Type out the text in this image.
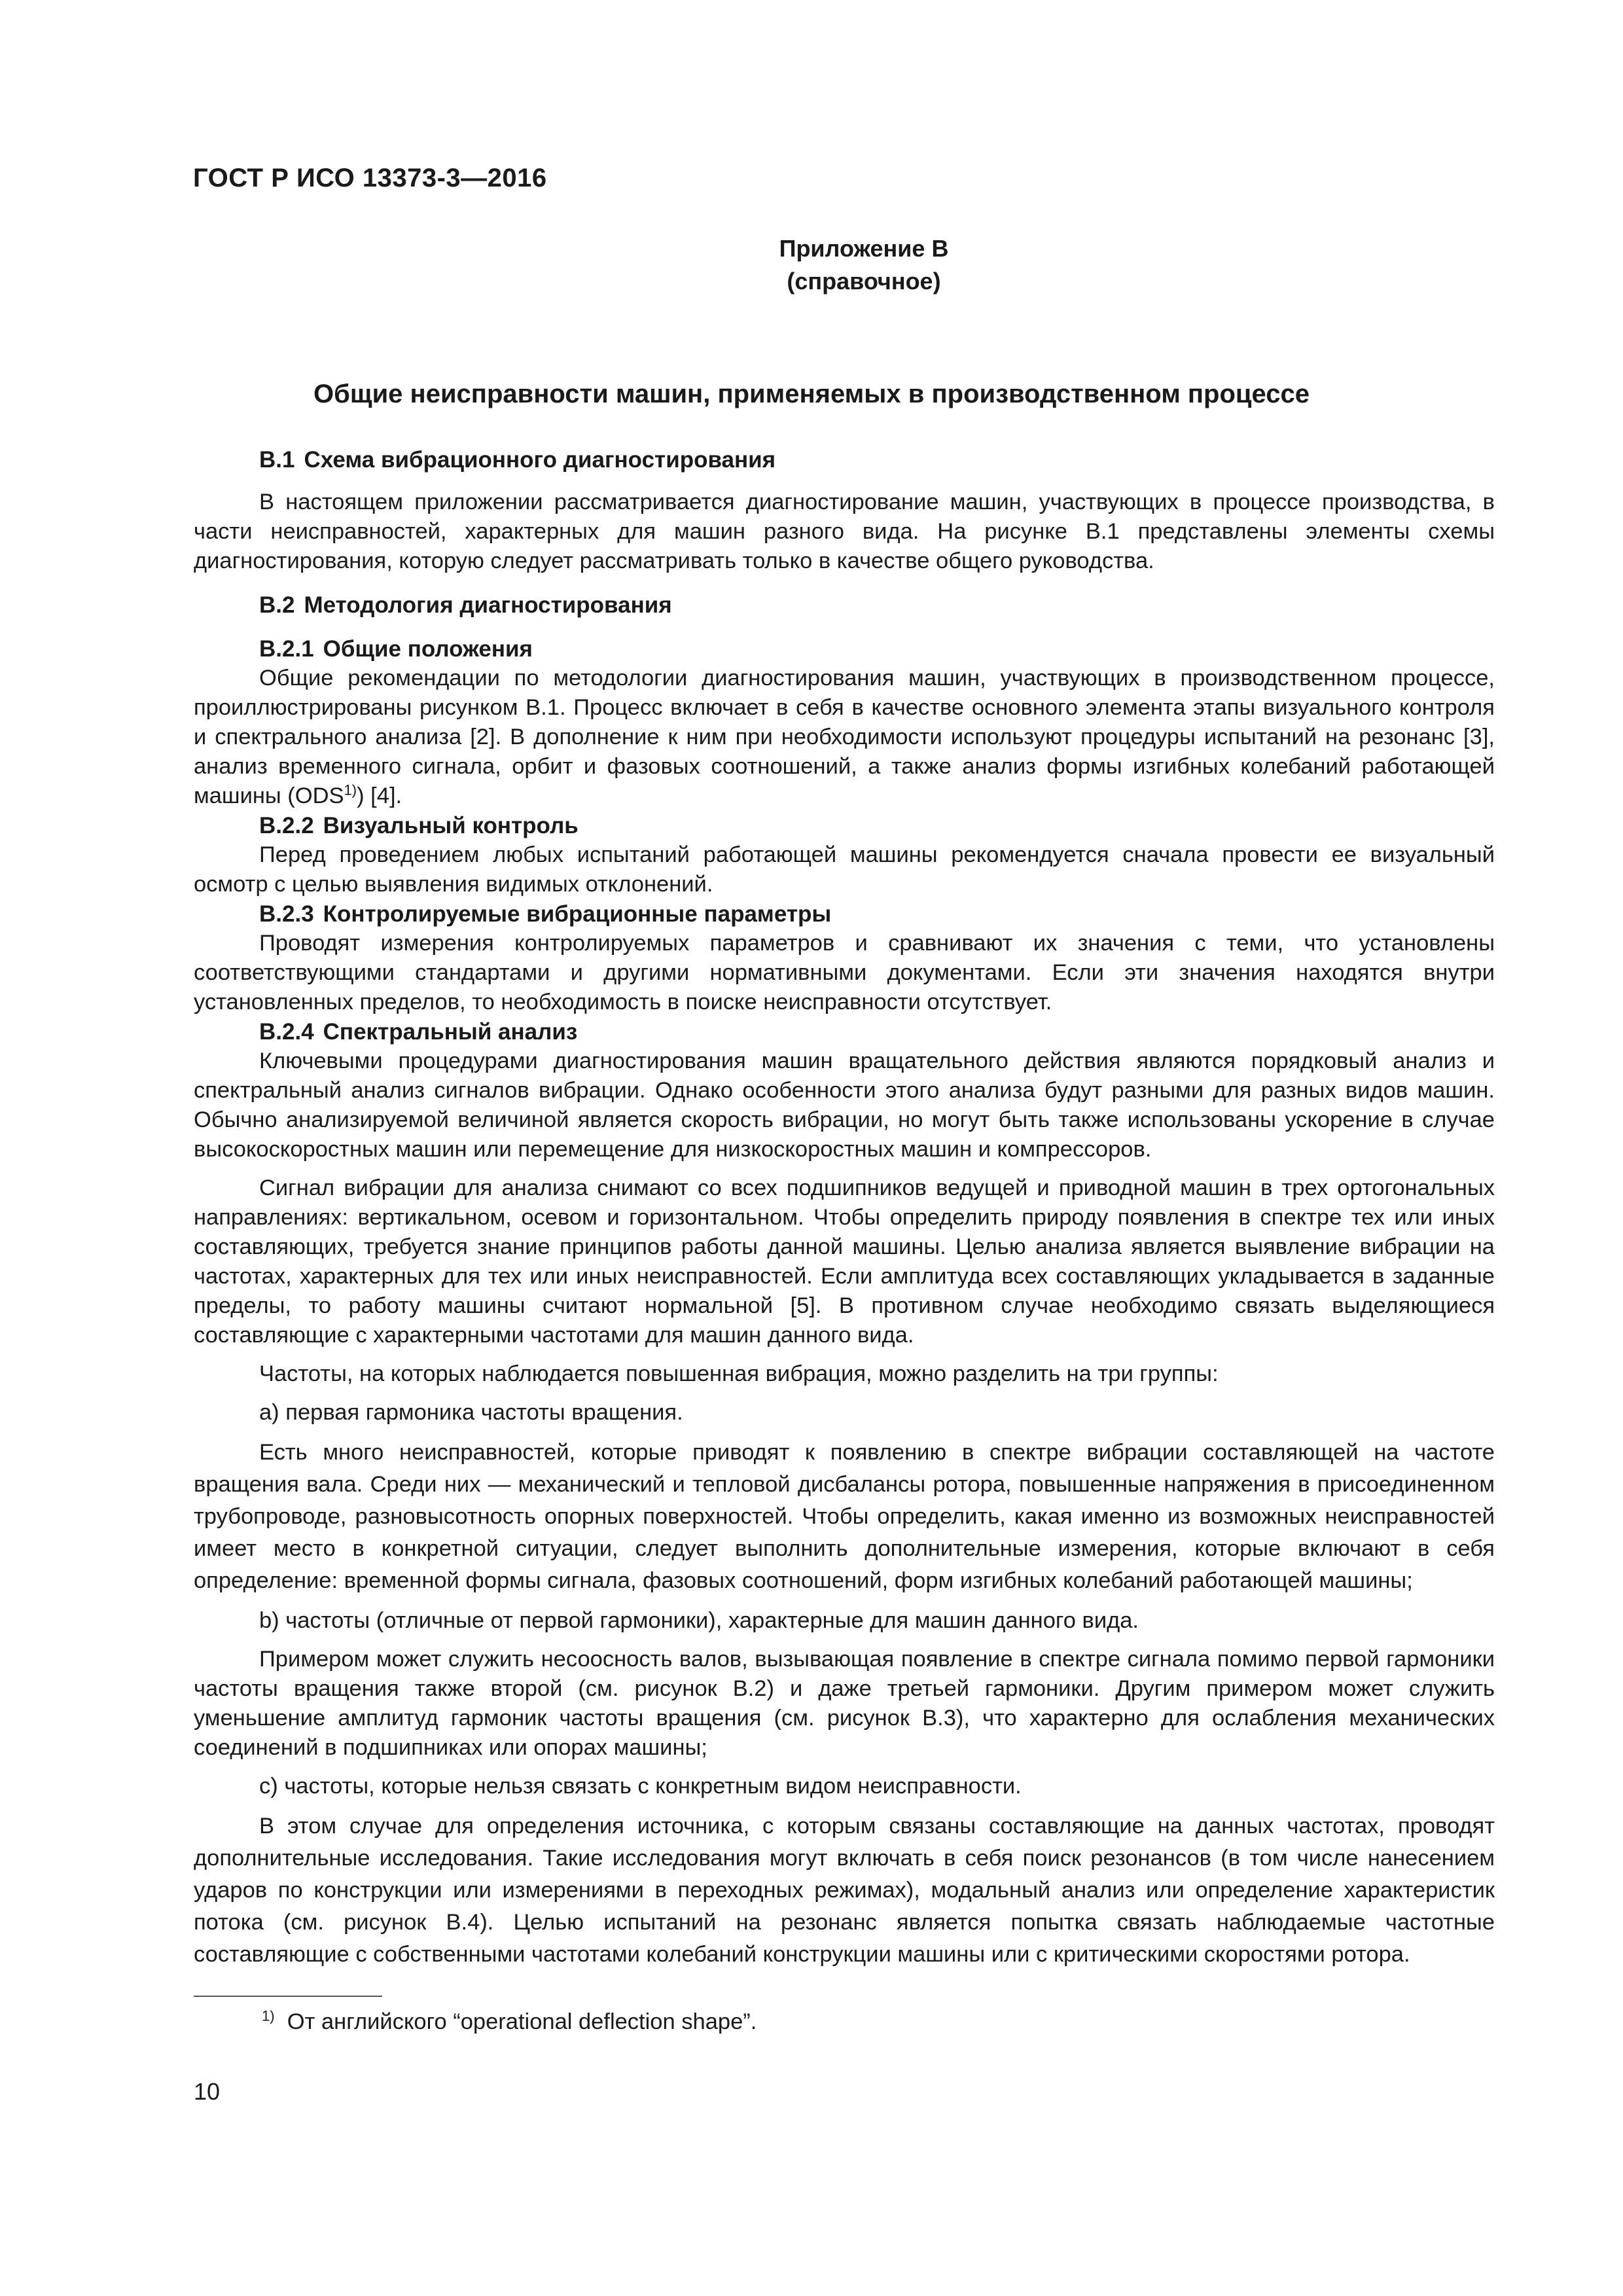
ГОСТ Р ИСО 13373-3—2016
Приложение В
(справочное)
Общие неисправности машин, применяемых в производственном процессе
В.1 Схема вибрационного диагностирования

В настоящем приложении рассматривается диагностирование машин, участвующих в процессе производства, в части неисправностей, характерных для машин разного вида. На рисунке В.1 представлены элементы схемы диагностирования, которую следует рассматривать только в качестве общего руководства.

В.2 Методология диагностирования
В.2.1 Общие положения

Общие рекомендации по методологии диагностирования машин, участвующих в производственном процессе, проиллюстрированы рисунком В.1. Процесс включает в себя в качестве основного элемента этапы визуального контроля и спектрального анализа [2]. В дополнение к ним при необходимости используют процедуры испытаний на резонанс [3], анализ временного сигнала, орбит и фазовых соотношений, а также анализ формы изгибных колебаний работающей машины (ODS$^{1)}$) [4].

В.2.2 Визуальный контроль

Перед проведением любых испытаний работающей машины рекомендуется сначала провести ее визуальный осмотр с целью выявления видимых отклонений.

В.2.3 Контролируемые вибрационные параметры

Проводят измерения контролируемых параметров и сравнивают их значения с теми, что установлены соответствующими стандартами и другими нормативными документами. Если эти значения находятся внутри установленных пределов, то необходимость в поиске неисправности отсутствует.

В.2.4 Спектральный анализ

Ключевыми процедурами диагностирования машин вращательного действия являются порядковый анализ и спектральный анализ сигналов вибрации. Однако особенности этого анализа будут разными для разных видов машин. Обычно анализируемой величиной является скорость вибрации, но могут быть также использованы ускорение в случае высокоскоростных машин или перемещение для низкоскоростных машин и компрессоров.

Сигнал вибрации для анализа снимают со всех подшипников ведущей и приводной машин в трех ортогональных направлениях: вертикальном, осевом и горизонтальном. Чтобы определить природу появления в спектре тех или иных составляющих, требуется знание принципов работы данной машины. Целью анализа является выявление вибрации на частотах, характерных для тех или иных неисправностей. Если амплитуда всех составляющих укладывается в заданные пределы, то работу машины считают нормальной [5]. В противном случае необходимо связать выделяющиеся составляющие с характерными частотами для машин данного вида.

Частоты, на которых наблюдается повышенная вибрация, можно разделить на три группы:

a) первая гармоника частоты вращения.

Есть много неисправностей, которые приводят к появлению в спектре вибрации составляющей на частоте вращения вала. Среди них — механический и тепловой дисбалансы ротора, повышенные напряжения в присоединенном трубопроводе, разновысотность опорных поверхностей. Чтобы определить, какая именно из возможных неисправностей имеет место в конкретной ситуации, следует выполнить дополнительные измерения, которые включают в себя определение: временной формы сигнала, фазовых соотношений, форм изгибных колебаний работающей машины;

b) частоты (отличные от первой гармоники), характерные для машин данного вида.

Примером может служить несоосность валов, вызывающая появление в спектре сигнала помимо первой гармоники частоты вращения также второй (см. рисунок В.2) и даже третьей гармоники. Другим примером может служить уменьшение амплитуд гармоник частоты вращения (см. рисунок В.3), что характерно для ослабления механических соединений в подшипниках или опорах машины;

c) частоты, которые нельзя связать с конкретным видом неисправности.

В этом случае для определения источника, с которым связаны составляющие на данных частотах, проводят дополнительные исследования. Такие исследования могут включать в себя поиск резонансов (в том числе нанесением ударов по конструкции или измерениями в переходных режимах), модальный анализ или определение характеристик потока (см. рисунок В.4). Целью испытаний на резонанс является попытка связать наблюдаемые частотные составляющие с собственными частотами колебаний конструкции машины или с критическими скоростями ротора.

$^{1)}$ От английского “operational deflection shape”.
10
